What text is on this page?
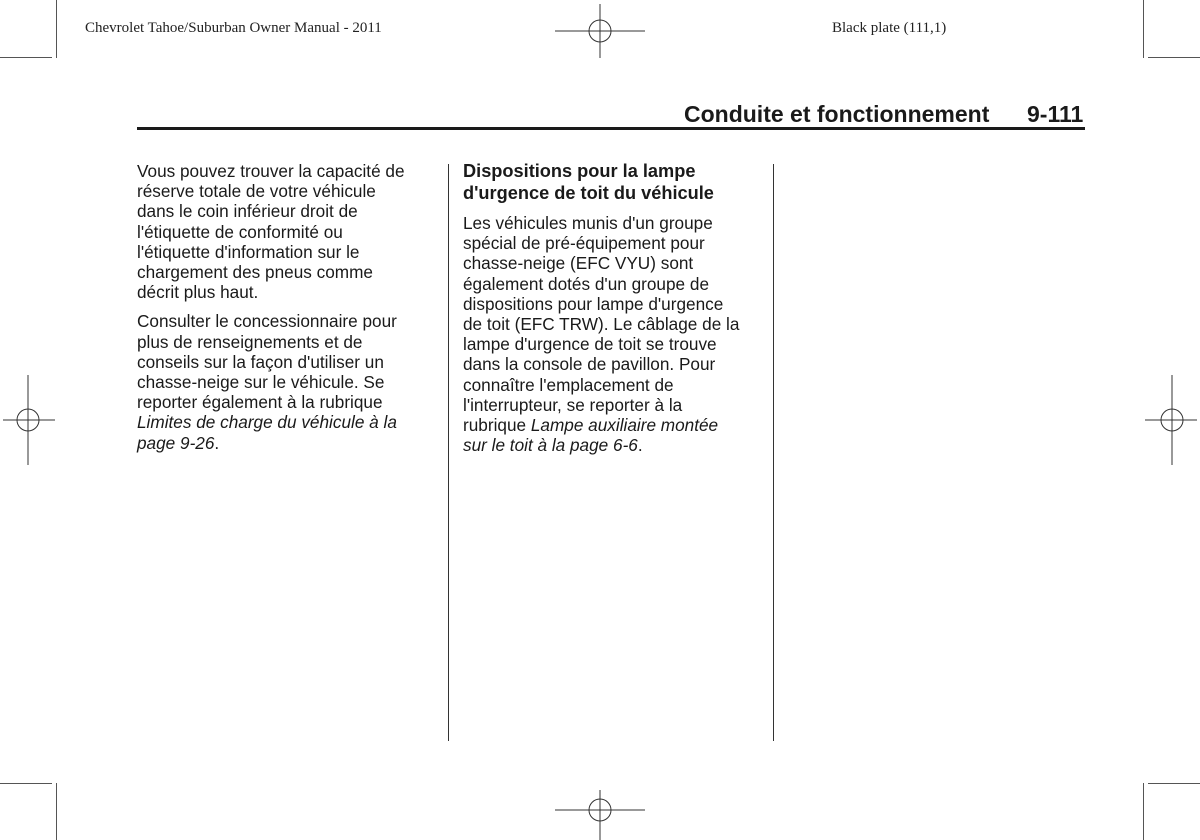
Chevrolet Tahoe/Suburban Owner Manual - 2011	Black plate (111,1)
Conduite et fonctionnement 9-111

Vous pouvez trouver la capacité de
réserve totale de votre véhicule
dans le coin inférieur droit de
l'étiquette de conformité ou
l'étiquette d'information sur le
chargement des pneus comme
décrit plus haut.

Consulter le concessionnaire pour
plus de renseignements et de
conseils sur la façon d'utiliser un
chasse-neige sur le véhicule. Se
reporter également à la rubrique
Limites de charge du véhicule à la
page 9-26.

Dispositions pour la lampe
d'urgence de toit du véhicule

Les véhicules munis d'un groupe
spécial de pré-équipement pour
chasse-neige (EFC VYU) sont
également dotés d'un groupe de
dispositions pour lampe d'urgence
de toit (EFC TRW). Le câblage de la
lampe d'urgence de toit se trouve
dans la console de pavillon. Pour
connaître l'emplacement de
l'interrupteur, se reporter à la
rubrique Lampe auxiliaire montée
sur le toit à la page 6-6.
